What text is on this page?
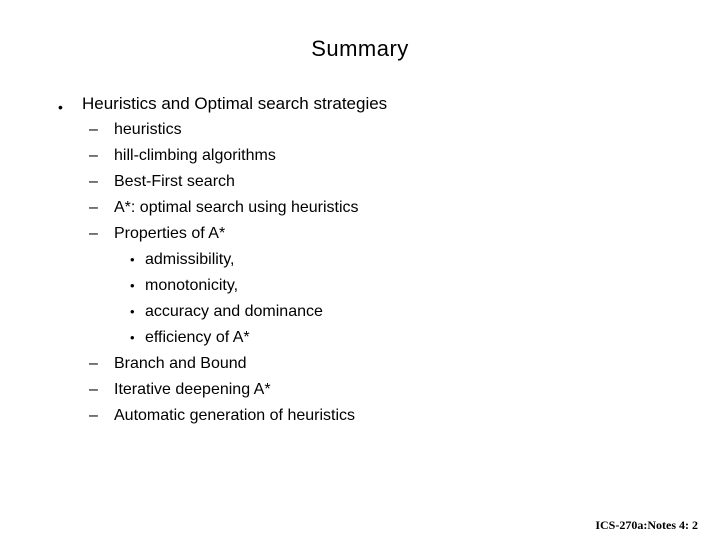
Summary
• Heuristics and Optimal search strategies
– heuristics
– hill-climbing algorithms
– Best-First search
– A*: optimal search using heuristics
– Properties of A*
• admissibility,
• monotonicity,
• accuracy and dominance
• efficiency of A*
– Branch and Bound
– Iterative deepening A*
– Automatic generation of heuristics
ICS-270a:Notes 4: 2
